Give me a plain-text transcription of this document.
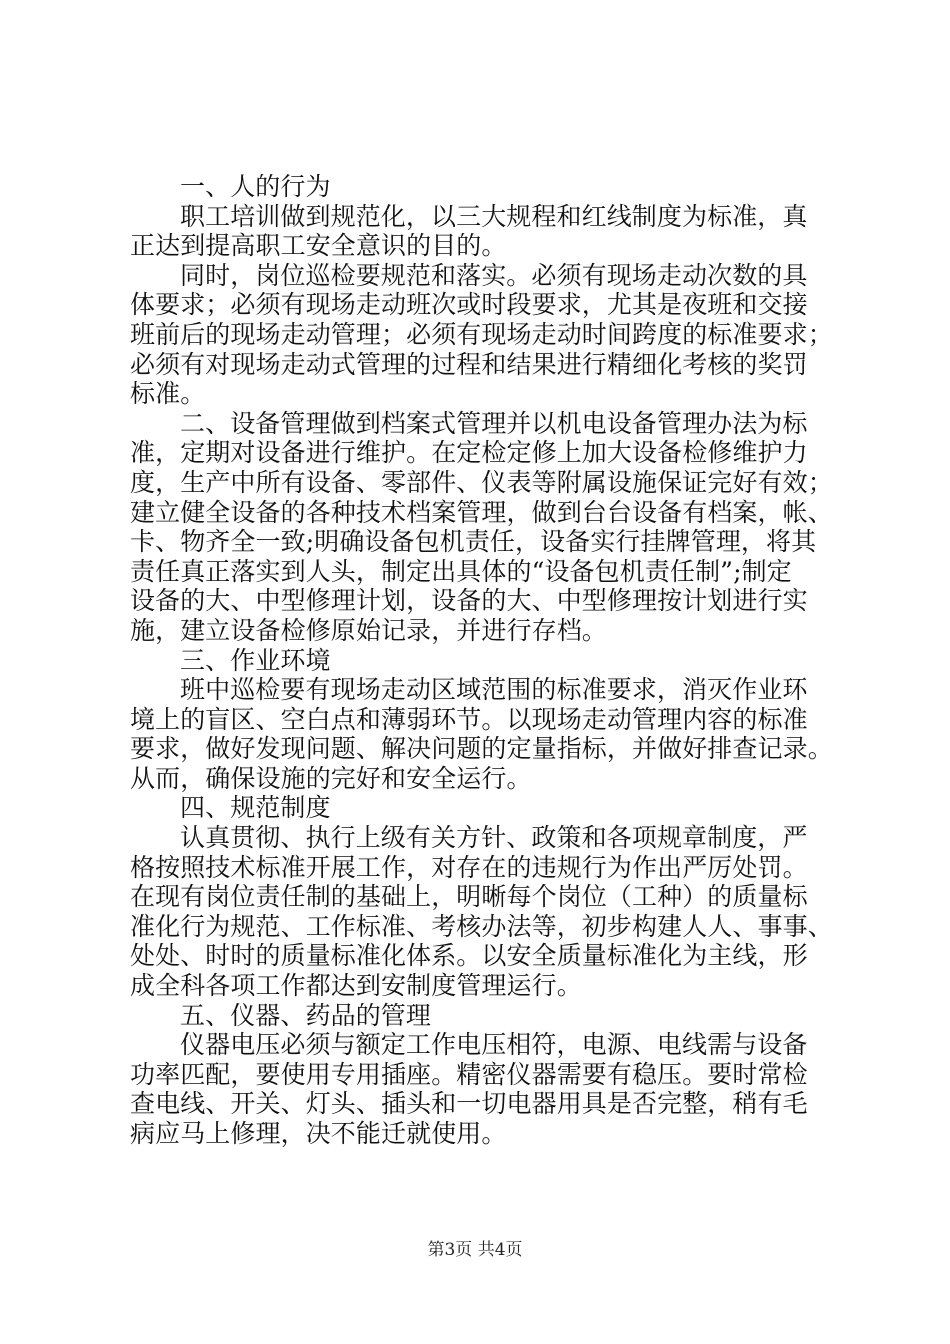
一、人的行为
职工培训做到规范化，以三大规程和红线制度为标准，真
正达到提高职工安全意识的目的。
同时，岗位巡检要规范和落实。必须有现场走动次数的具
体要求；必须有现场走动班次或时段要求，尤其是夜班和交接
班前后的现场走动管理；必须有现场走动时间跨度的标准要求；
必须有对现场走动式管理的过程和结果进行精细化考核的奖罚
标准。
二、设备管理做到档案式管理并以机电设备管理办法为标
准，定期对设备进行维护。在定检定修上加大设备检修维护力
度，生产中所有设备、零部件、仪表等附属设施保证完好有效；
建立健全设备的各种技术档案管理，做到台台设备有档案，帐、
卡、物齐全一致;明确设备包机责任，设备实行挂牌管理，将其
责任真正落实到人头，制定出具体的“设备包机责任制”;制定
设备的大、中型修理计划，设备的大、中型修理按计划进行实
施，建立设备检修原始记录，并进行存档。
三、作业环境
班中巡检要有现场走动区域范围的标准要求，消灭作业环
境上的盲区、空白点和薄弱环节。以现场走动管理内容的标准
要求，做好发现问题、解决问题的定量指标，并做好排查记录。
从而，确保设施的完好和安全运行。
四、规范制度
认真贯彻、执行上级有关方针、政策和各项规章制度，严
格按照技术标准开展工作，对存在的违规行为作出严厉处罚。
在现有岗位责任制的基础上，明晰每个岗位（工种）的质量标
准化行为规范、工作标准、考核办法等，初步构建人人、事事、
处处、时时的质量标准化体系。以安全质量标准化为主线，形
成全科各项工作都达到安制度管理运行。
五、仪器、药品的管理
仪器电压必须与额定工作电压相符，电源、电线需与设备
功率匹配，要使用专用插座。精密仪器需要有稳压。要时常检
查电线、开关、灯头、插头和一切电器用具是否完整，稍有毛
病应马上修理，决不能迁就使用。
第3页 共4页
